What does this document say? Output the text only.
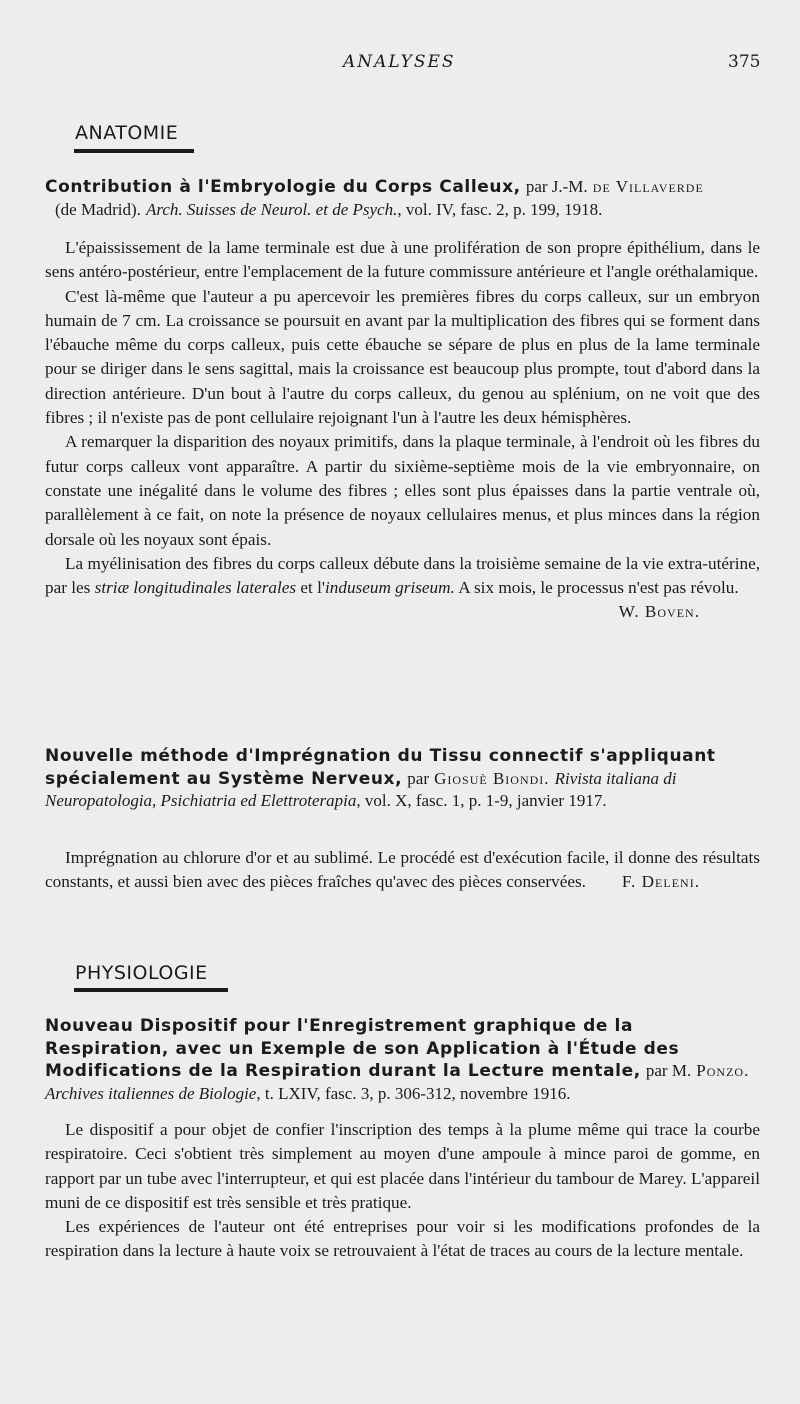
ANALYSES	375
ANATOMIE
Contribution à l'Embryologie du Corps Calleux, par J.-M. de Villaverde
(de Madrid). Arch. Suisses de Neurol. et de Psych., vol. IV, fasc. 2, p. 199, 1918.

L'épaississement de la lame terminale est due à une prolifération de son propre épithélium, dans le sens antéro-postérieur, entre l'emplacement de la future commissure antérieure et l'angle oréthalamique.

C'est là-même que l'auteur a pu apercevoir les premières fibres du corps calleux, sur un embryon humain de 7 cm. La croissance se poursuit en avant par la multiplication des fibres qui se forment dans l'ébauche même du corps calleux, puis cette ébauche se sépare de plus en plus de la lame terminale pour se diriger dans le sens sagittal, mais la croissance est beaucoup plus prompte, tout d'abord dans la direction antérieure. D'un bout à l'autre du corps calleux, du genou au splénium, on ne voit que des fibres ; il n'existe pas de pont cellulaire rejoignant l'un à l'autre les deux hémisphères.

A remarquer la disparition des noyaux primitifs, dans la plaque terminale, à l'endroit où les fibres du futur corps calleux vont apparaître. A partir du sixième-septième mois de la vie embryonnaire, on constate une inégalité dans le volume des fibres ; elles sont plus épaisses dans la partie ventrale où, parallèlement à ce fait, on note la présence de noyaux cellulaires menus, et plus minces dans la région dorsale où les noyaux sont épais.

La myélinisation des fibres du corps calleux débute dans la troisième semaine de la vie extra-utérine, par les striæ longitudinales laterales et l'induseum griseum. A six mois, le processus n'est pas révolu.
W. Boven.

Nouvelle méthode d'Imprégnation du Tissu connectif s'appliquant spécialement au Système Nerveux, par Giosuè Biondi. Rivista italiana di Neuropatologia, Psichiatria ed Elettroterapia, vol. X, fasc. 1, p. 1-9, janvier 1917.

Imprégnation au chlorure d'or et au sublimé. Le procédé est d'exécution facile, il donne des résultats constants, et aussi bien avec des pièces fraîches qu'avec des pièces conservées.	F. Deleni.

PHYSIOLOGIE
Nouveau Dispositif pour l'Enregistrement graphique de la Respiration, avec un Exemple de son Application à l'Étude des Modifications de la Respiration durant la Lecture mentale, par M. Ponzo. Archives italiennes de Biologie, t. LXIV, fasc. 3, p. 306-312, novembre 1916.

Le dispositif a pour objet de confier l'inscription des temps à la plume même qui trace la courbe respiratoire. Ceci s'obtient très simplement au moyen d'une ampoule à mince paroi de gomme, en rapport par un tube avec l'interrupteur, et qui est placée dans l'intérieur du tambour de Marey. L'appareil muni de ce dispositif est très sensible et très pratique.

Les expériences de l'auteur ont été entreprises pour voir si les modifications profondes de la respiration dans la lecture à haute voix se retrouvaient à l'état de traces au cours de la lecture mentale.
